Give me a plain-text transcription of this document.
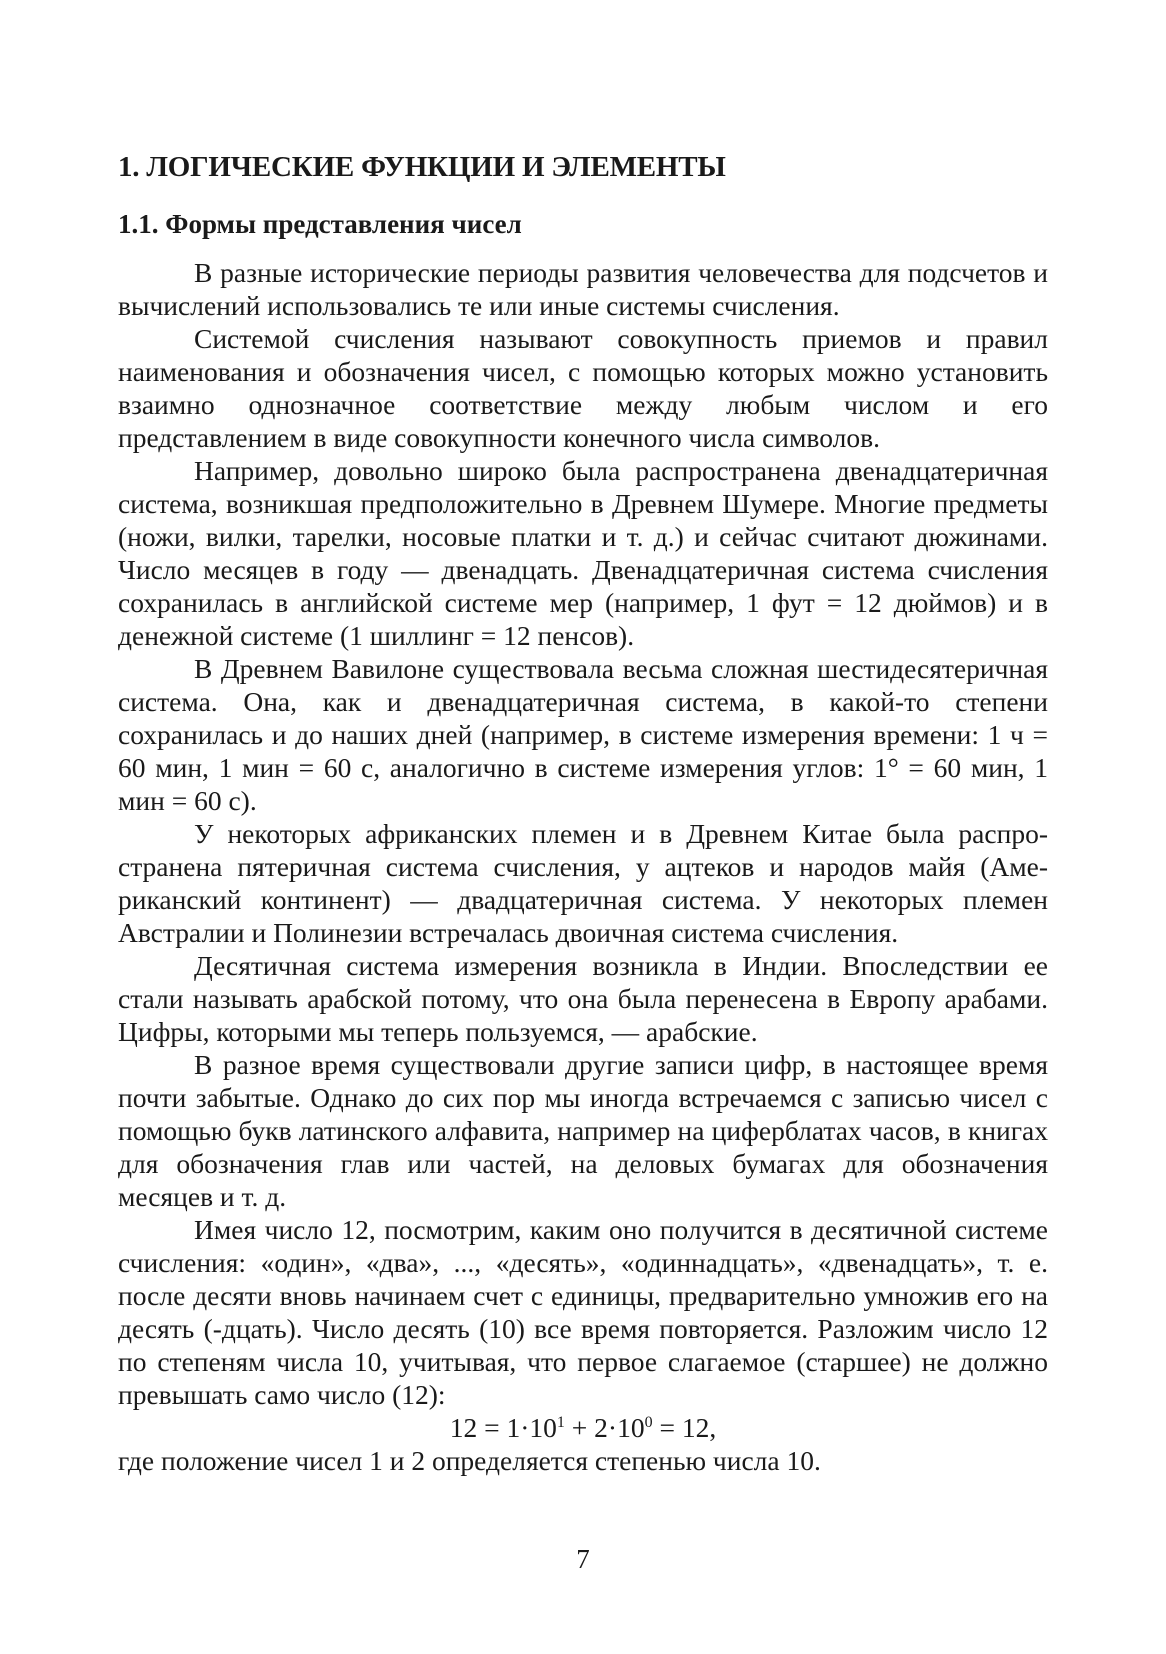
1. ЛОГИЧЕСКИЕ ФУНКЦИИ И ЭЛЕМЕНТЫ
1.1. Формы представления чисел

В разные исторические периоды развития человечества для подсчетов и вычислений использовались те или иные системы счисления.

Системой счисления называют совокупность приемов и правил наименования и обозначения чисел, с помощью которых можно установить взаимно однозначное соответствие между любым числом и его представлением в виде совокупности конечного числа символов.

Например, довольно широко была распространена двенадцатеричная система, возникшая предположительно в Древнем Шумере. Многие предметы (ножи, вилки, тарелки, носовые платки и т. д.) и сейчас считают дюжинами. Число месяцев в году — двенадцать. Двенадцатеричная система счисления сохранилась в английской системе мер (например, 1 фут = 12 дюймов) и в денежной системе (1 шиллинг = 12 пенсов).

В Древнем Вавилоне существовала весьма сложная шестидесятеричная система. Она, как и двенадцатеричная система, в какой-то степени сохранилась и до наших дней (например, в системе измерения времени: 1 ч = 60 мин, 1 мин = 60 с, аналогично в системе измерения углов: 1° = 60 мин, 1 мин = 60 с).

У некоторых африканских племен и в Древнем Китае была распространена пятеричная система счисления, у ацтеков и народов майя (Американский континент) — двадцатеричная система. У некоторых племен Австралии и Полинезии встречалась двоичная система счисления.

Десятичная система измерения возникла в Индии. Впоследствии ее стали называть арабской потому, что она была перенесена в Европу арабами. Цифры, которыми мы теперь пользуемся, — арабские.

В разное время существовали другие записи цифр, в настоящее время почти забытые. Однако до сих пор мы иногда встречаемся с записью чисел с помощью букв латинского алфавита, например на циферблатах часов, в книгах для обозначения глав или частей, на деловых бумагах для обозначения месяцев и т. д.

Имея число 12, посмотрим, каким оно получится в десятичной системе счисления: «один», «два», ..., «десять», «одиннадцать», «двенадцать», т. е. после десяти вновь начинаем счет с единицы, предварительно умножив его на десять (-дцать). Число десять (10) все время повторяется. Разложим число 12 по степеням числа 10, учитывая, что первое слагаемое (старшее) не должно превышать само число (12):

$12 = 1\cdot 10^1 + 2\cdot 10^0 = 12$,

где положение чисел 1 и 2 определяется степенью числа 10.

7
